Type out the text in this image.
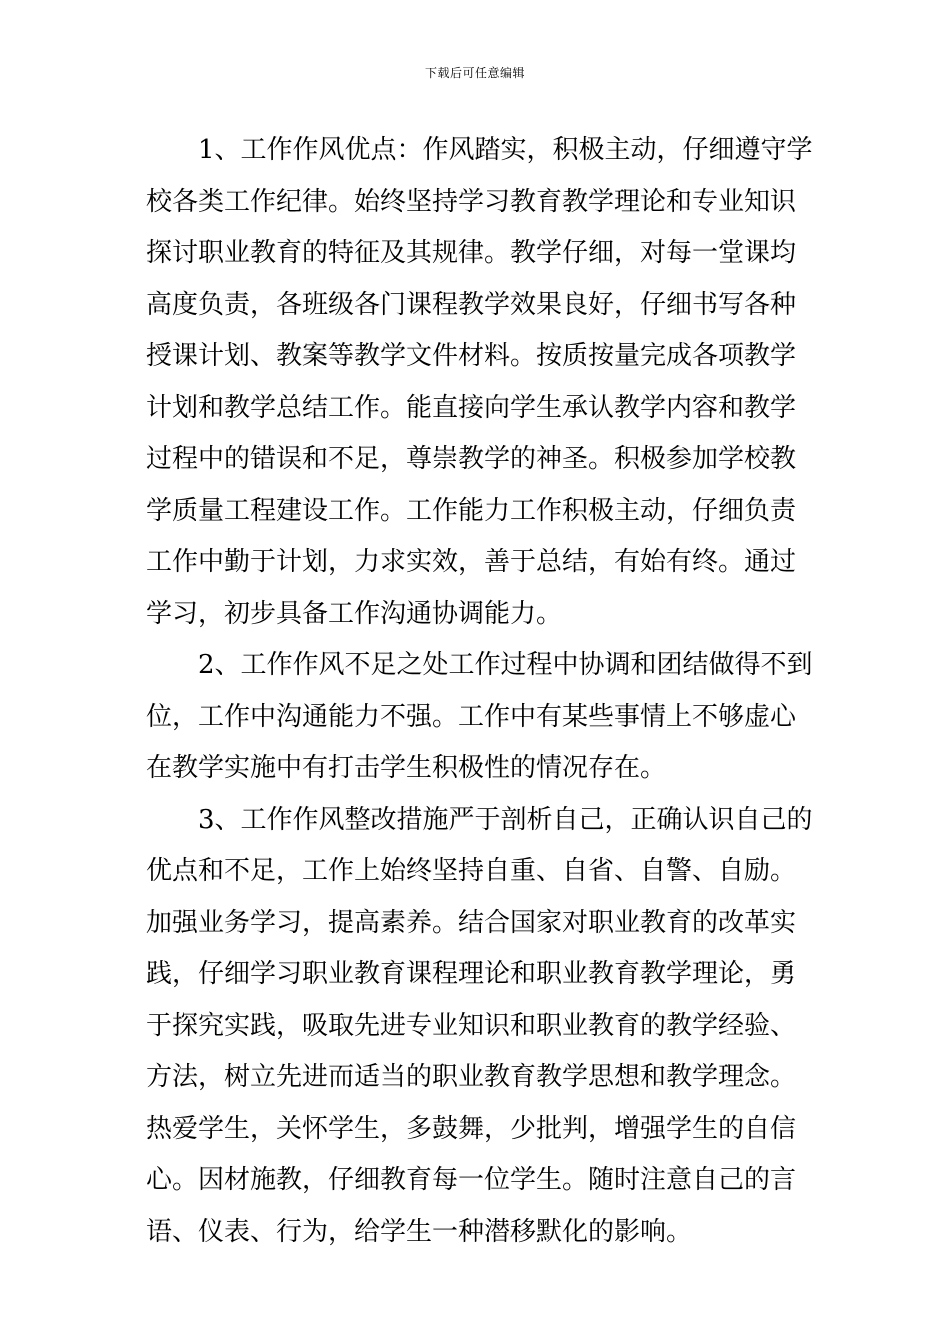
下载后可任意编辑
1、工作作风优点：作风踏实，积极主动，仔细遵守学
校各类工作纪律。始终坚持学习教育教学理论和专业知识
探讨职业教育的特征及其规律。教学仔细，对每一堂课均
高度负责，各班级各门课程教学效果良好，仔细书写各种
授课计划、教案等教学文件材料。按质按量完成各项教学
计划和教学总结工作。能直接向学生承认教学内容和教学
过程中的错误和不足，尊崇教学的神圣。积极参加学校教
学质量工程建设工作。工作能力工作积极主动，仔细负责
工作中勤于计划，力求实效，善于总结，有始有终。通过
学习，初步具备工作沟通协调能力。
2、工作作风不足之处工作过程中协调和团结做得不到
位，工作中沟通能力不强。工作中有某些事情上不够虚心
在教学实施中有打击学生积极性的情况存在。
3、工作作风整改措施严于剖析自己，正确认识自己的
优点和不足，工作上始终坚持自重、自省、自警、自励。
加强业务学习，提高素养。结合国家对职业教育的改革实
践，仔细学习职业教育课程理论和职业教育教学理论，勇
于探究实践，吸取先进专业知识和职业教育的教学经验、
方法，树立先进而适当的职业教育教学思想和教学理念。
热爱学生，关怀学生，多鼓舞，少批判，增强学生的自信
心。因材施教，仔细教育每一位学生。随时注意自己的言
语、仪表、行为，给学生一种潜移默化的影响。
